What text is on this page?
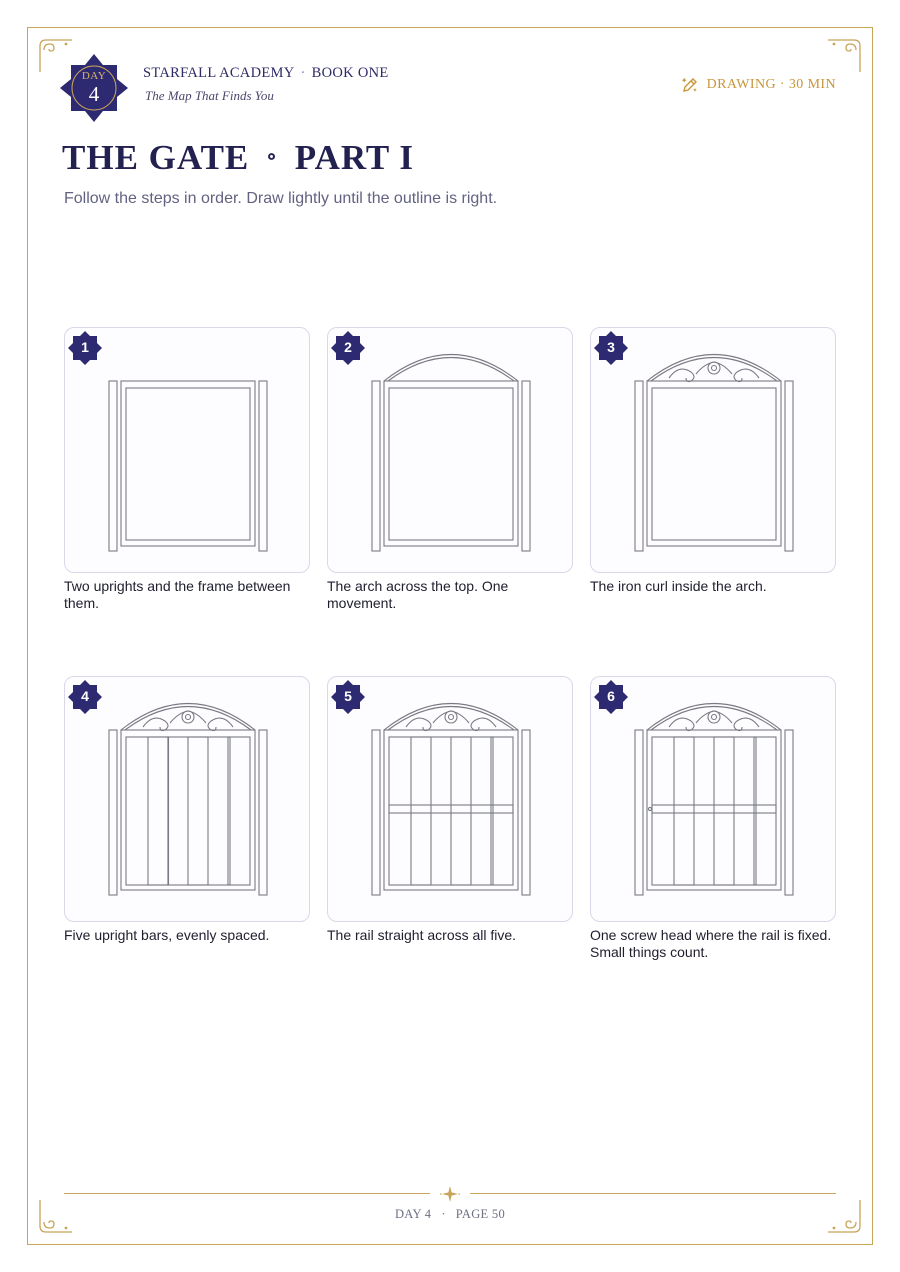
DAY
4
STARFALL ACADEMY · BOOK ONE
The Map That Finds You
DRAWING · 30 MIN
THE GATE ∘ PART I
Follow the steps in order. Draw lightly until the outline is right.
1
Two uprights and the frame between them.
2
The arch across the top. One movement.
3
The iron curl inside the arch.
4
Five upright bars, evenly spaced.
5
The rail straight across all five.
6
One screw head where the rail is fixed. Small things count.
DAY 4 · PAGE 50
